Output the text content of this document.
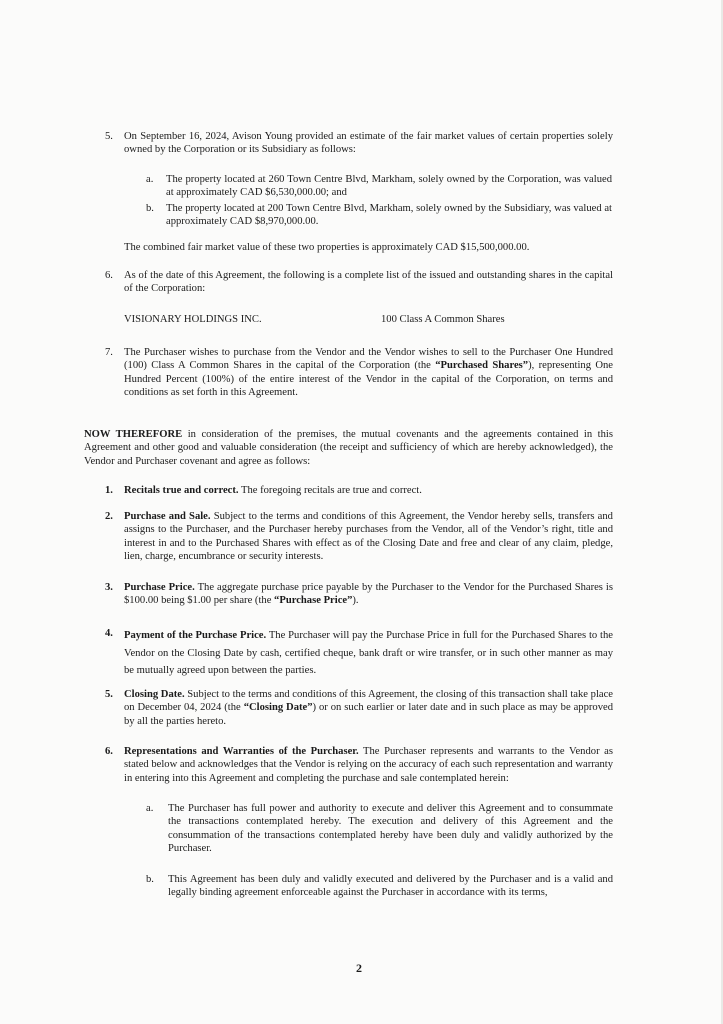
5. On September 16, 2024, Avison Young provided an estimate of the fair market values of certain properties solely owned by the Corporation or its Subsidiary as follows:
a. The property located at 260 Town Centre Blvd, Markham, solely owned by the Corporation, was valued at approximately CAD $6,530,000.00; and
b. The property located at 200 Town Centre Blvd, Markham, solely owned by the Subsidiary, was valued at approximately CAD $8,970,000.00.
The combined fair market value of these two properties is approximately CAD $15,500,000.00.
6. As of the date of this Agreement, the following is a complete list of the issued and outstanding shares in the capital of the Corporation:
VISIONARY HOLDINGS INC.	100 Class A Common Shares
7. The Purchaser wishes to purchase from the Vendor and the Vendor wishes to sell to the Purchaser One Hundred (100) Class A Common Shares in the capital of the Corporation (the “Purchased Shares”), representing One Hundred Percent (100%) of the entire interest of the Vendor in the capital of the Corporation, on terms and conditions as set forth in this Agreement.
NOW THEREFORE in consideration of the premises, the mutual covenants and the agreements contained in this Agreement and other good and valuable consideration (the receipt and sufficiency of which are hereby acknowledged), the Vendor and Purchaser covenant and agree as follows:
1. Recitals true and correct. The foregoing recitals are true and correct.
2. Purchase and Sale. Subject to the terms and conditions of this Agreement, the Vendor hereby sells, transfers and assigns to the Purchaser, and the Purchaser hereby purchases from the Vendor, all of the Vendor’s right, title and interest in and to the Purchased Shares with effect as of the Closing Date and free and clear of any claim, pledge, lien, charge, encumbrance or security interests.
3. Purchase Price. The aggregate purchase price payable by the Purchaser to the Vendor for the Purchased Shares is $100.00 being $1.00 per share (the “Purchase Price”).
4. Payment of the Purchase Price. The Purchaser will pay the Purchase Price in full for the Purchased Shares to the Vendor on the Closing Date by cash, certified cheque, bank draft or wire transfer, or in such other manner as may be mutually agreed upon between the parties.
5. Closing Date. Subject to the terms and conditions of this Agreement, the closing of this transaction shall take place on December 04, 2024 (the “Closing Date”) or on such earlier or later date and in such place as may be approved by all the parties hereto.
6. Representations and Warranties of the Purchaser. The Purchaser represents and warrants to the Vendor as stated below and acknowledges that the Vendor is relying on the accuracy of each such representation and warranty in entering into this Agreement and completing the purchase and sale contemplated herein:
a. The Purchaser has full power and authority to execute and deliver this Agreement and to consummate the transactions contemplated hereby. The execution and delivery of this Agreement and the consummation of the transactions contemplated hereby have been duly and validly authorized by the Purchaser.
b. This Agreement has been duly and validly executed and delivered by the Purchaser and is a valid and legally binding agreement enforceable against the Purchaser in accordance with its terms,
2
